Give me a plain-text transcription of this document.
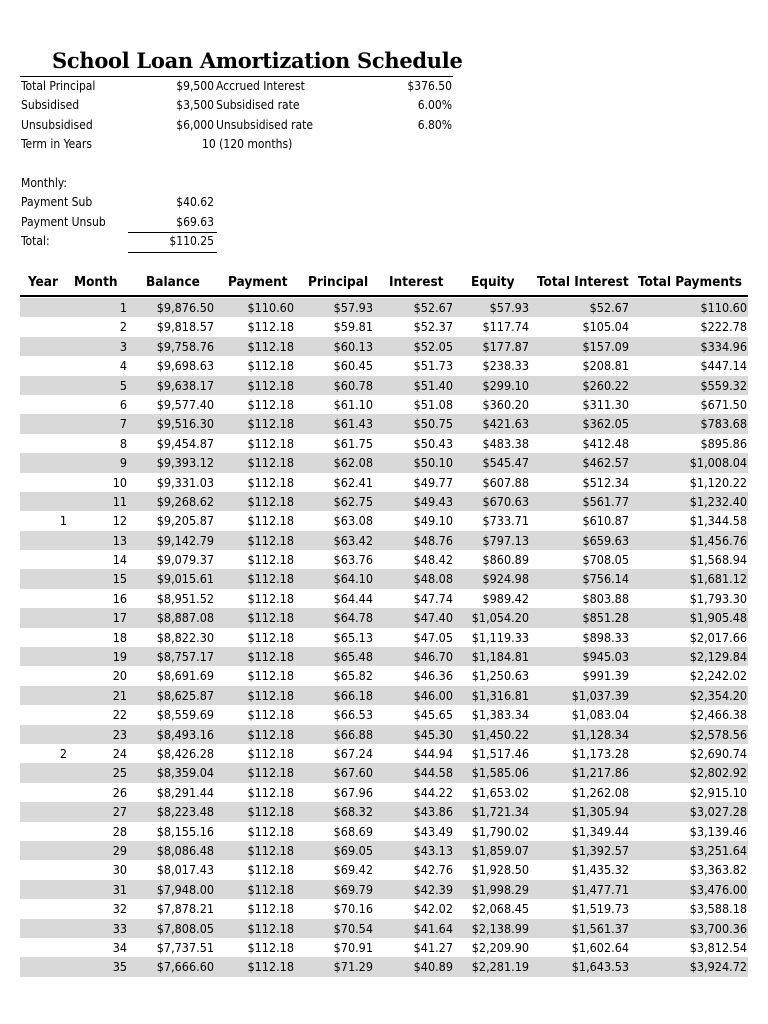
School Loan Amortization Schedule
Total Principal	$9,500 Accrued Interest	$376.50
Subsidised	$3,500 Subsidised rate	6.00%
Unsubsidised	$6,000 Unsubsidised rate	6.80%
Term in Years	10 (120 months)
Monthly:
Payment Sub	$40.62
Payment Unsub	$69.63
Total:	$110.25
Year Month Balance Payment Principal Interest Equity Total Interest Total Payments
1 $9,876.50	$110.60	$57.93	$52.67	$57.93	$52.67	$110.60
2 $9,818.57	$112.18	$59.81	$52.37 $117.74	$105.04	$222.78
3 $9,758.76	$112.18	$60.13	$52.05 $177.87	$157.09	$334.96
4 $9,698.63	$112.18	$60.45	$51.73 $238.33	$208.81	$447.14
5 $9,638.17	$112.18	$60.78	$51.40 $299.10	$260.22	$559.32
6 $9,577.40	$112.18	$61.10	$51.08 $360.20	$311.30	$671.50
7 $9,516.30	$112.18	$61.43	$50.75 $421.63	$362.05	$783.68
8 $9,454.87	$112.18	$61.75	$50.43 $483.38	$412.48	$895.86
9 $9,393.12	$112.18	$62.08	$50.10 $545.47	$462.57	$1,008.04
10 $9,331.03	$112.18	$62.41	$49.77 $607.88	$512.34	$1,120.22
11 $9,268.62	$112.18	$62.75	$49.43 $670.63	$561.77	$1,232.40
1	12 $9,205.87	$112.18	$63.08	$49.10 $733.71	$610.87	$1,344.58
13 $9,142.79	$112.18	$63.42	$48.76 $797.13	$659.63	$1,456.76
14 $9,079.37	$112.18	$63.76	$48.42 $860.89	$708.05	$1,568.94
15 $9,015.61	$112.18	$64.10	$48.08 $924.98	$756.14	$1,681.12
16 $8,951.52	$112.18	$64.44	$47.74 $989.42	$803.88	$1,793.30
17 $8,887.08	$112.18	$64.78	$47.40 $1,054.20	$851.28	$1,905.48
18 $8,822.30	$112.18	$65.13	$47.05 $1,119.33	$898.33	$2,017.66
19 $8,757.17	$112.18	$65.48	$46.70 $1,184.81	$945.03	$2,129.84
20 $8,691.69	$112.18	$65.82	$46.36 $1,250.63	$991.39	$2,242.02
21 $8,625.87	$112.18	$66.18	$46.00 $1,316.81	$1,037.39	$2,354.20
22 $8,559.69	$112.18	$66.53	$45.65 $1,383.34	$1,083.04	$2,466.38
23 $8,493.16	$112.18	$66.88	$45.30 $1,450.22	$1,128.34	$2,578.56
2	24 $8,426.28	$112.18	$67.24	$44.94 $1,517.46	$1,173.28	$2,690.74
25 $8,359.04	$112.18	$67.60	$44.58 $1,585.06	$1,217.86	$2,802.92
26 $8,291.44	$112.18	$67.96	$44.22 $1,653.02	$1,262.08	$2,915.10
27 $8,223.48	$112.18	$68.32	$43.86 $1,721.34	$1,305.94	$3,027.28
28 $8,155.16	$112.18	$68.69	$43.49 $1,790.02	$1,349.44	$3,139.46
29 $8,086.48	$112.18	$69.05	$43.13 $1,859.07	$1,392.57	$3,251.64
30 $8,017.43	$112.18	$69.42	$42.76 $1,928.50	$1,435.32	$3,363.82
31 $7,948.00	$112.18	$69.79	$42.39 $1,998.29	$1,477.71	$3,476.00
32 $7,878.21	$112.18	$70.16	$42.02 $2,068.45	$1,519.73	$3,588.18
33 $7,808.05	$112.18	$70.54	$41.64 $2,138.99	$1,561.37	$3,700.36
34 $7,737.51	$112.18	$70.91	$41.27 $2,209.90	$1,602.64	$3,812.54
35 $7,666.60	$112.18	$71.29	$40.89 $2,281.19	$1,643.53	$3,924.72
